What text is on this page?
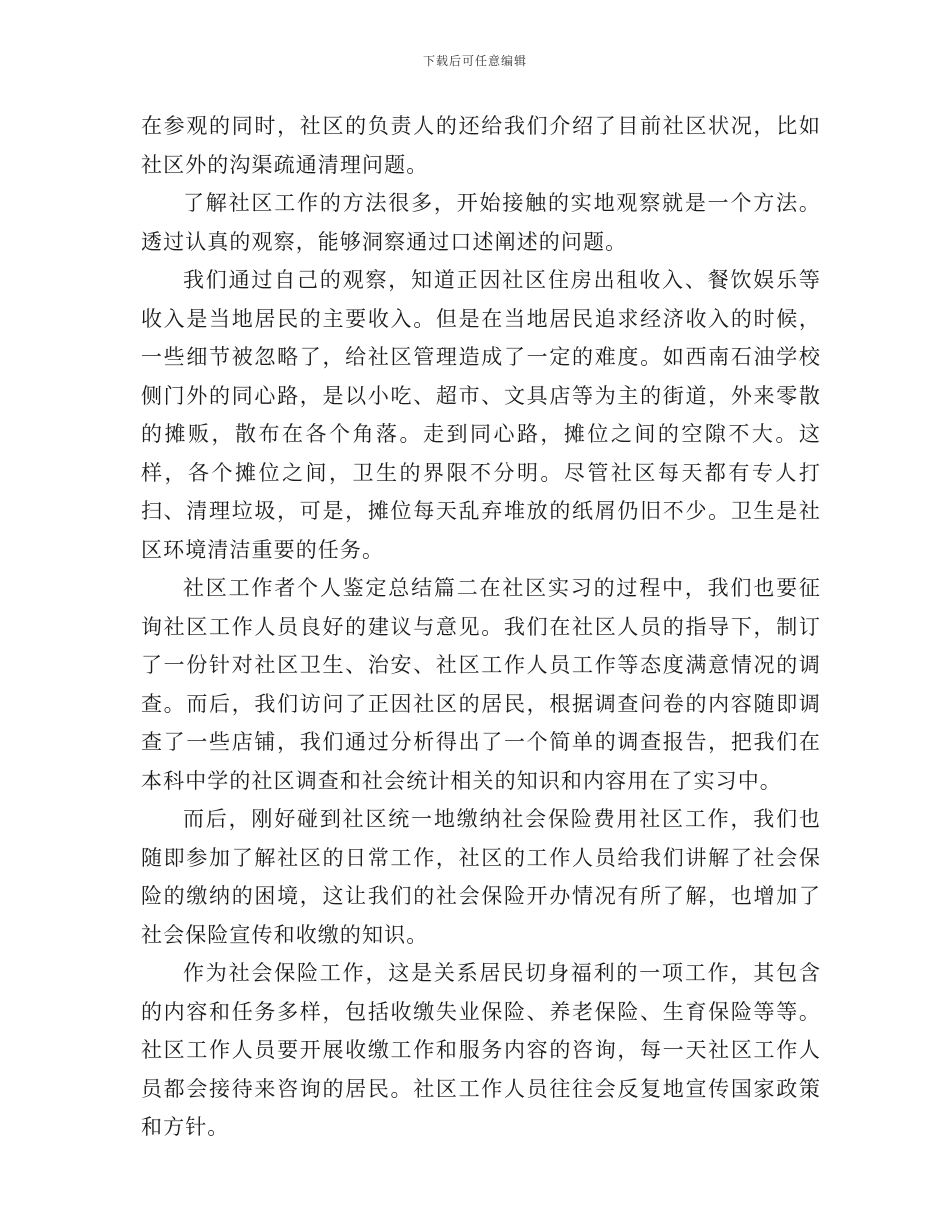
下载后可任意编辑

在参观的同时，社区的负责人的还给我们介绍了目前社区状况，比如社区外的沟渠疏通清理问题。

了解社区工作的方法很多，开始接触的实地观察就是一个方法。透过认真的观察，能够洞察通过口述阐述的问题。

我们通过自己的观察，知道正因社区住房出租收入、餐饮娱乐等收入是当地居民的主要收入。但是在当地居民追求经济收入的时候，一些细节被忽略了，给社区管理造成了一定的难度。如西南石油学校侧门外的同心路，是以小吃、超市、文具店等为主的街道，外来零散的摊贩，散布在各个角落。走到同心路，摊位之间的空隙不大。这样，各个摊位之间，卫生的界限不分明。尽管社区每天都有专人打扫、清理垃圾，可是，摊位每天乱弃堆放的纸屑仍旧不少。卫生是社区环境清洁重要的任务。

社区工作者个人鉴定总结篇二在社区实习的过程中，我们也要征询社区工作人员良好的建议与意见。我们在社区人员的指导下，制订了一份针对社区卫生、治安、社区工作人员工作等态度满意情况的调查。而后，我们访问了正因社区的居民，根据调查问卷的内容随即调查了一些店铺，我们通过分析得出了一个简单的调查报告，把我们在本科中学的社区调查和社会统计相关的知识和内容用在了实习中。

而后，刚好碰到社区统一地缴纳社会保险费用社区工作，我们也随即参加了解社区的日常工作，社区的工作人员给我们讲解了社会保险的缴纳的困境，这让我们的社会保险开办情况有所了解，也增加了社会保险宣传和收缴的知识。

作为社会保险工作，这是关系居民切身福利的一项工作，其包含的内容和任务多样，包括收缴失业保险、养老保险、生育保险等等。社区工作人员要开展收缴工作和服务内容的咨询，每一天社区工作人员都会接待来咨询的居民。社区工作人员往往会反复地宣传国家政策和方针。
